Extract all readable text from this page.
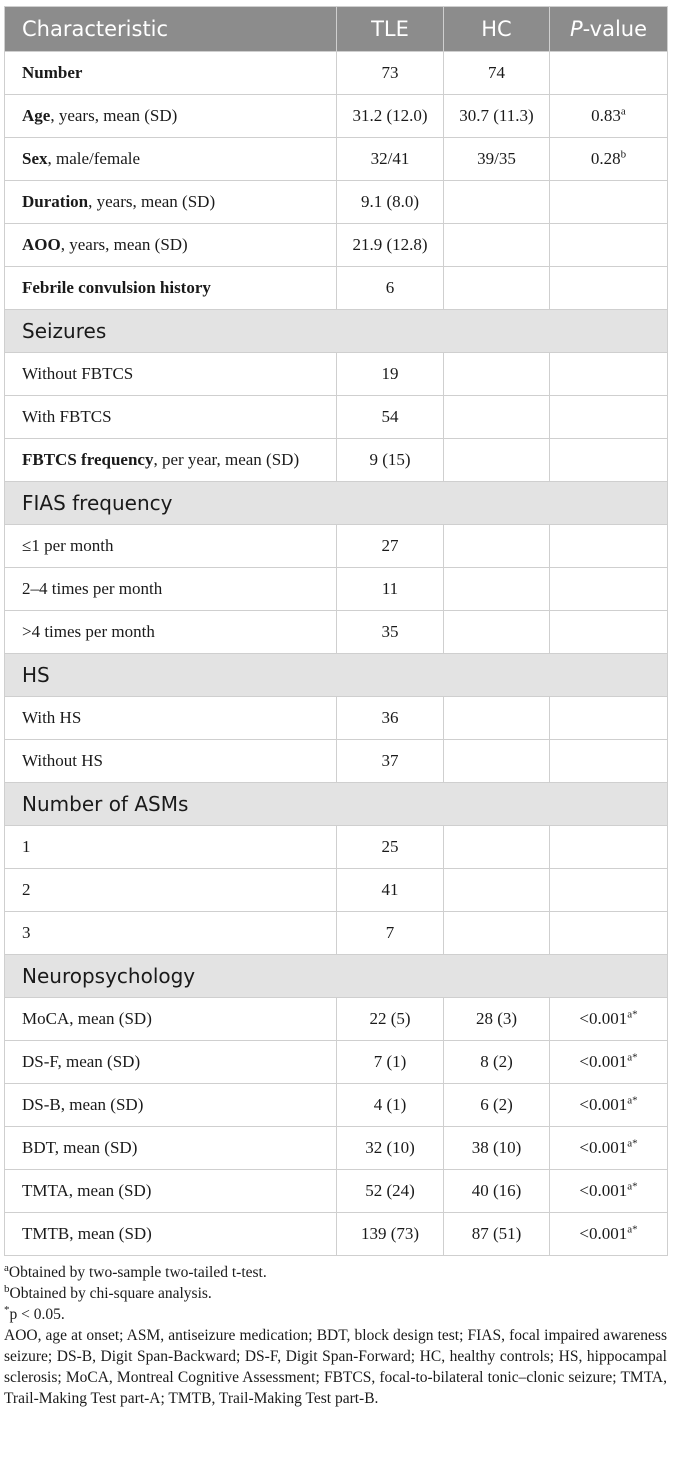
Characteristic	TLE	HC	P-value
Number	73	74	
Age, years, mean (SD)	31.2 (12.0)	30.7 (11.3)	0.83$^a$
Sex, male/female	32/41	39/35	0.28$^b$
Duration, years, mean (SD)	9.1 (8.0)		
AOO, years, mean (SD)	21.9 (12.8)		
Febrile convulsion history	6		
Seizures			
Without FBTCS	19		
With FBTCS	54		
FBTCS frequency, per year, mean (SD)	9 (15)		
FIAS frequency			
≤1 per month	27		
2–4 times per month	11		
>4 times per month	35		
HS			
With HS	36		
Without HS	37		
Number of ASMs			
1	25		
2	41		
3	7		
Neuropsychology			
MoCA, mean (SD)	22 (5)	28 (3)	$<0.001^{a*}$
DS-F, mean (SD)	7 (1)	8 (2)	$<0.001^{a*}$
DS-B, mean (SD)	4 (1)	6 (2)	$<0.001^{a*}$
BDT, mean (SD)	32 (10)	38 (10)	$<0.001^{a*}$
TMTA, mean (SD)	52 (24)	40 (16)	$<0.001^{a*}$
TMTB, mean (SD)	139 (73)	87 (51)	$<0.001^{a*}$

$^a$Obtained by two-sample two-tailed t-test.

$^b$Obtained by chi-square analysis.

*p < 0.05.

AOO, age at onset; ASM, antiseizure medication; BDT, block design test; FIAS, focal impaired awareness seizure; DS-B, Digit Span-Backward; DS-F, Digit Span-Forward; HC, healthy controls; HS, hippocampal sclerosis; MoCA, Montreal Cognitive Assessment; FBTCS, focal-to-bilateral tonic–clonic seizure; TMTA, Trail-Making Test part-A; TMTB, Trail-Making Test part-B.
